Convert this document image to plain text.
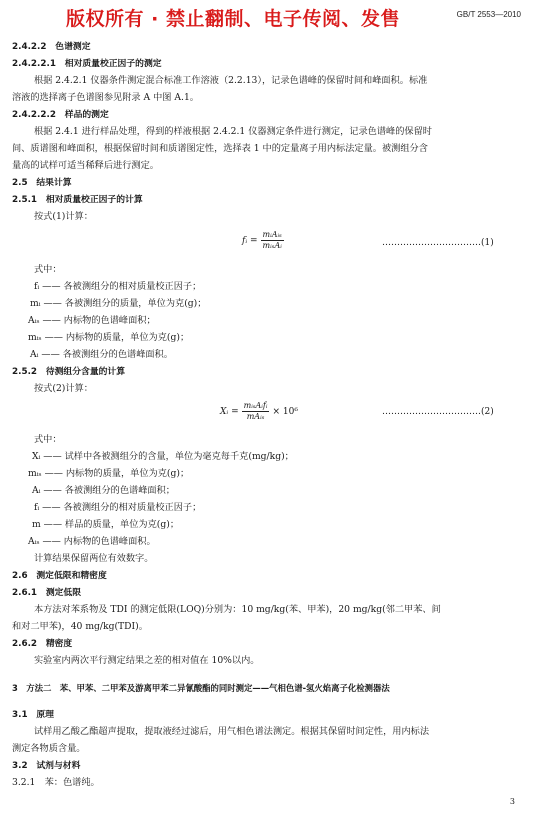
版权所有 · 禁止翻制、电子传阅、发售	GB/T 2553—2010
2.4.2.2　色谱测定
2.4.2.2.1　相对质量校正因子的测定
根据 2.4.2.1 仪器条件测定混合标准工作溶液（2.2.13），记录色谱峰的保留时间和峰面积。标准
溶液的选择离子色谱图参见附录 A 中图 A.1。
2.4.2.2.2　样品的测定
根据 2.4.1 进行样品处理，得到的样液根据 2.4.2.1 仪器测定条件进行测定，记录色谱峰的保留时
间、质谱图和峰面积，根据保留时间和质谱图定性，选择表 1 中的定量离子用内标法定量。被测组分含
量高的试样可适当稀释后进行测定。
2.5　结果计算
2.5.1　相对质量校正因子的计算
按式(1)计算：
fᵢ = $\frac{\text{mᵢAᵢₛ}}{\text{mᵢₛAᵢ}}$	……………………………(1)
式中：
fᵢ —— 各被测组分的相对质量校正因子；
mᵢ —— 各被测组分的质量，单位为克(g)；
Aᵢₛ —— 内标物的色谱峰面积；
mᵢₛ —— 内标物的质量，单位为克(g)；
Aᵢ —— 各被测组分的色谱峰面积。
2.5.2　待测组分含量的计算
按式(2)计算：
Xᵢ = $\frac{\text{mᵢₛAᵢfᵢ}}{\text{mAᵢₛ}} \times 10^6$	……………………………(2)
式中：
Xᵢ —— 试样中各被测组分的含量，单位为毫克每千克(mg/kg)；
mᵢₛ —— 内标物的质量，单位为克(g)；
Aᵢ —— 各被测组分的色谱峰面积；
fᵢ —— 各被测组分的相对质量校正因子；
m —— 样品的质量，单位为克(g)；
Aᵢₛ —— 内标物的色谱峰面积。
计算结果保留两位有效数字。
2.6　测定低限和精密度
2.6.1　测定低限
本方法对苯系物及 TDI 的测定低限(LOQ)分别为：10 mg/kg(苯、甲苯)，20 mg/kg(邻二甲苯、间
和对二甲苯)，40 mg/kg(TDI)。
2.6.2　精密度
实验室内两次平行测定结果之差的相对值在 10%以内。
3　方法二　苯、甲苯、二甲苯及游离甲苯二异氰酸酯的同时测定——气相色谱-氢火焰离子化检测器法
3.1　原理
试样用乙酸乙酯超声提取，提取液经过滤后，用气相色谱法测定。根据其保留时间定性，用内标法
测定各物质含量。
3.2　试剂与材料
3.2.1　苯：色谱纯。
3
